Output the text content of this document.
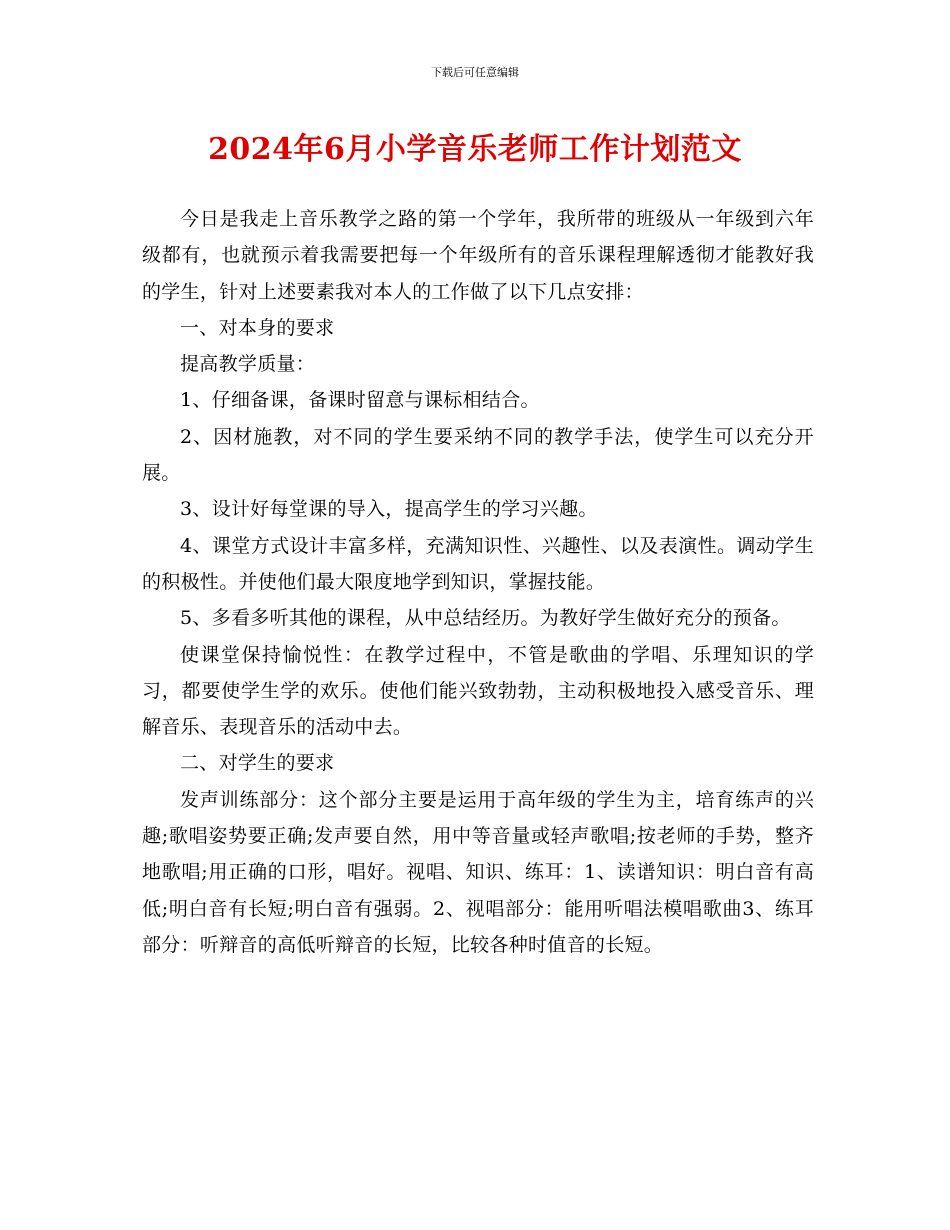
下载后可任意编辑
2024年6月小学音乐老师工作计划范文

今日是我走上音乐教学之路的第一个学年，我所带的班级从一年级到六年级都有，也就预示着我需要把每一个年级所有的音乐课程理解透彻才能教好我的学生，针对上述要素我对本人的工作做了以下几点安排：

一、对本身的要求

提高教学质量：

1、仔细备课，备课时留意与课标相结合。

2、因材施教，对不同的学生要采纳不同的教学手法，使学生可以充分开展。

3、设计好每堂课的导入，提高学生的学习兴趣。

4、课堂方式设计丰富多样，充满知识性、兴趣性、以及表演性。调动学生的积极性。并使他们最大限度地学到知识，掌握技能。

5、多看多听其他的课程，从中总结经历。为教好学生做好充分的预备。

使课堂保持愉悦性：在教学过程中，不管是歌曲的学唱、乐理知识的学习，都要使学生学的欢乐。使他们能兴致勃勃，主动积极地投入感受音乐、理解音乐、表现音乐的活动中去。

二、对学生的要求

发声训练部分：这个部分主要是运用于高年级的学生为主，培育练声的兴趣;歌唱姿势要正确;发声要自然，用中等音量或轻声歌唱;按老师的手势，整齐地歌唱;用正确的口形，唱好。视唱、知识、练耳：1、读谱知识：明白音有高低;明白音有长短;明白音有强弱。2、视唱部分：能用听唱法模唱歌曲3、练耳部分：听辩音的高低听辩音的长短，比较各种时值音的长短。
